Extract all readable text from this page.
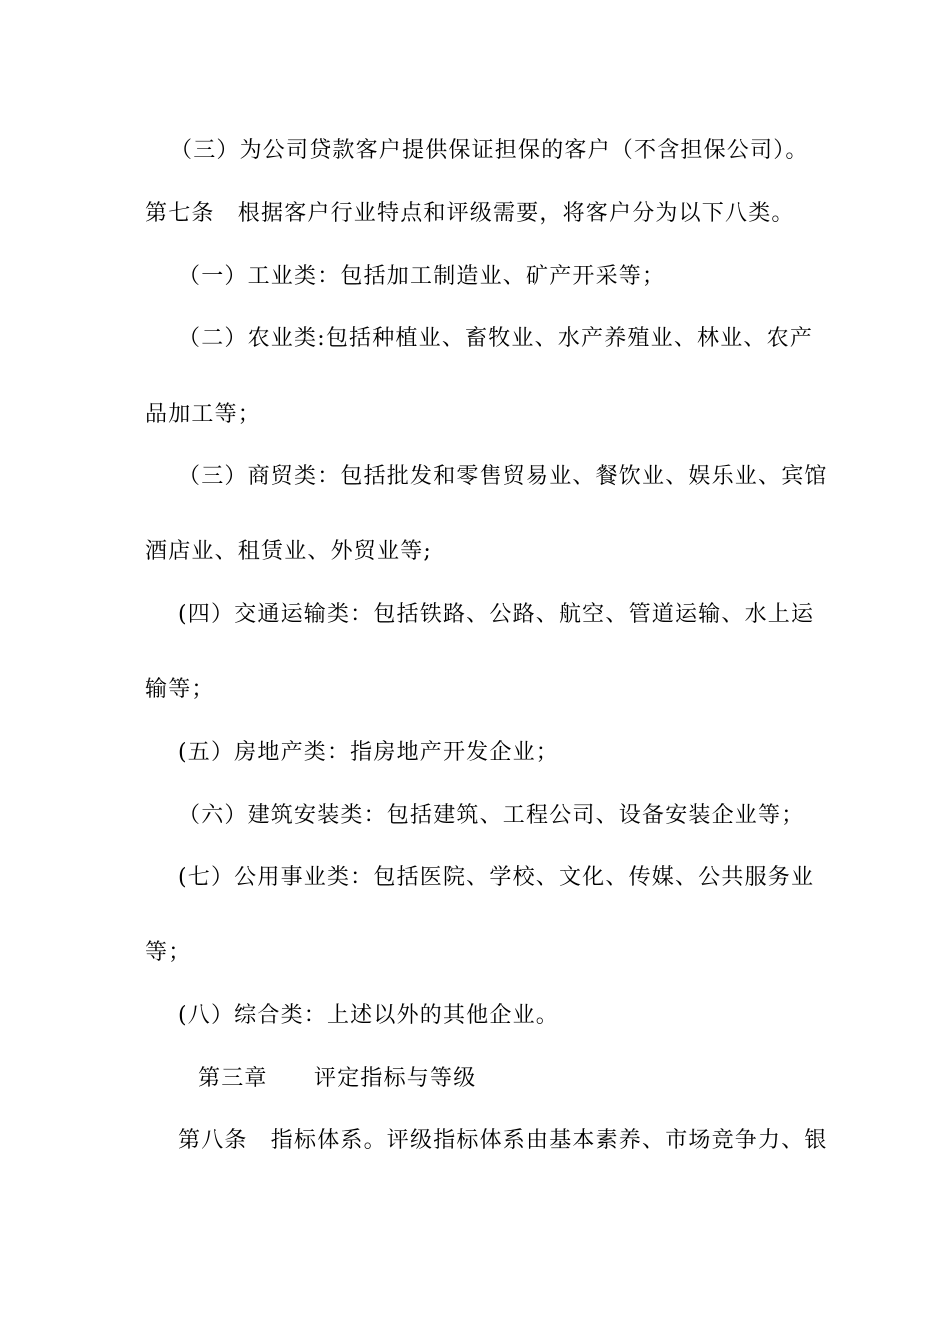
（三）为公司贷款客户提供保证担保的客户（不含担保公司）。
第七条　根据客户行业特点和评级需要，将客户分为以下八类。
（一）工业类：包括加工制造业、矿产开采等；
（二）农业类:包括种植业、畜牧业、水产养殖业、林业、农产
品加工等；
（三）商贸类：包括批发和零售贸易业、餐饮业、娱乐业、宾馆
酒店业、租赁业、外贸业等;
(四）交通运输类：包括铁路、公路、航空、管道运输、水上运
输等；
(五）房地产类：指房地产开发企业；
（六）建筑安装类：包括建筑、工程公司、设备安装企业等；
(七）公用事业类：包括医院、学校、文化、传媒、公共服务业
等；
(八）综合类：上述以外的其他企业。
第三章　　评定指标与等级
第八条　指标体系。评级指标体系由基本素养、市场竞争力、银
